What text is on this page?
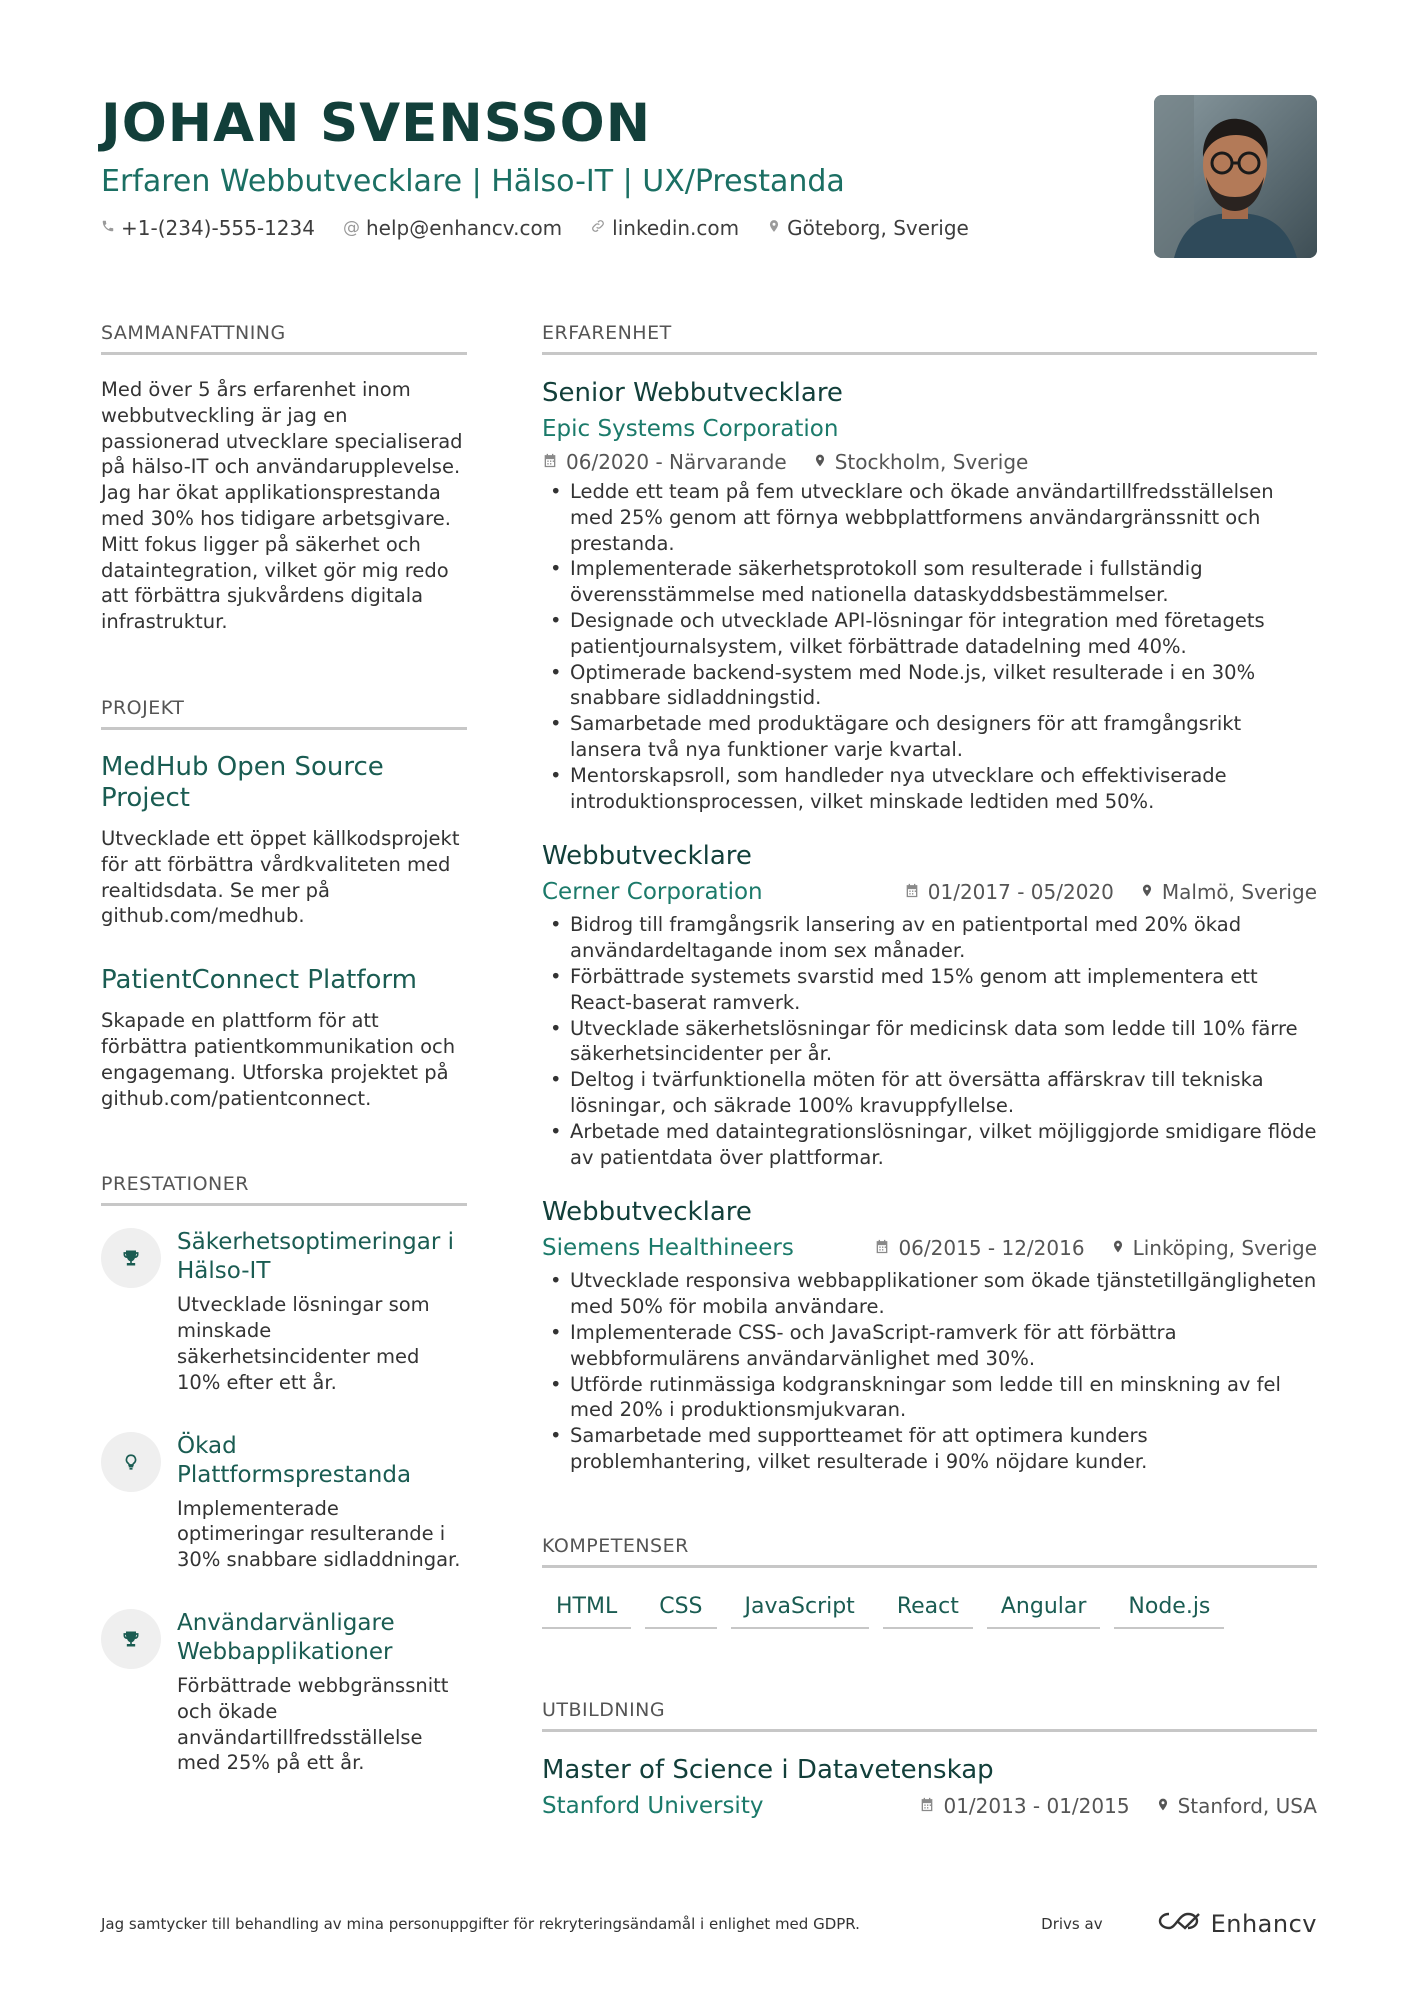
JOHAN SVENSSON
Erfaren Webbutvecklare | Hälso-IT | UX/Prestanda
+1-(234)-555-1234 @ help@enhancv.com	linkedin.com Göteborg, Sverige
SAMMANFATTNING
Med över 5 års erfarenhet inom webbutveckling är jag en passionerad utvecklare specialiserad på hälso-IT och användarupplevelse. Jag har ökat applikationsprestanda med 30% hos tidigare arbetsgivare. Mitt fokus ligger på säkerhet och dataintegration, vilket gör mig redo att förbättra sjukvårdens digitala infrastruktur.
PROJEKT
MedHub Open Source Project
Utvecklade ett öppet källkodsprojekt för att förbättra vårdkvaliteten med realtidsdata. Se mer på github.com/medhub.
PatientConnect Platform
Skapade en plattform för att förbättra patientkommunikation och engagemang. Utforska projektet på github.com/patientconnect.
PRESTATIONER
Säkerhetsoptimeringar i Hälso-IT
Utvecklade lösningar som minskade säkerhetsincidenter med 10% efter ett år.
Ökad Plattformsprestanda
Implementerade optimeringar resulterande i 30% snabbare sidladdningar.
Användarvänligare Webbapplikationer
Förbättrade webbgränssnitt och ökade användartillfredsställelse med 25% på ett år.
ERFARENHET
Senior Webbutvecklare
Epic Systems Corporation
06/2020 - Närvarande Stockholm, Sverige
• Ledde ett team på fem utvecklare och ökade användartillfredsställelsen med 25% genom att förnya webbplattformens användargränssnitt och prestanda.
• Implementerade säkerhetsprotokoll som resulterade i fullständig överensstämmelse med nationella dataskyddsbestämmelser.
• Designade och utvecklade API-lösningar för integration med företagets patientjournalsystem, vilket förbättrade datadelning med 40%.
• Optimerade backend-system med Node.js, vilket resulterade i en 30% snabbare sidladdningstid.
• Samarbetade med produktägare och designers för att framgångsrikt lansera två nya funktioner varje kvartal.
• Mentorskapsroll, som handleder nya utvecklare och effektiviserade introduktionsprocessen, vilket minskade ledtiden med 50%.
Webbutvecklare
Cerner Corporation	01/2017 - 05/2020 Malmö, Sverige
• Bidrog till framgångsrik lansering av en patientportal med 20% ökad användardeltagande inom sex månader.
• Förbättrade systemets svarstid med 15% genom att implementera ett React-baserat ramverk.
• Utvecklade säkerhetslösningar för medicinsk data som ledde till 10% färre säkerhetsincidenter per år.
• Deltog i tvärfunktionella möten för att översätta affärskrav till tekniska lösningar, och säkrade 100% kravuppfyllelse.
• Arbetade med dataintegrationslösningar, vilket möjliggjorde smidigare flöde av patientdata över plattformar.
Webbutvecklare
Siemens Healthineers	06/2015 - 12/2016 Linköping, Sverige
• Utvecklade responsiva webbapplikationer som ökade tjänstetillgängligheten med 50% för mobila användare.
• Implementerade CSS- och JavaScript-ramverk för att förbättra webbformulärens användarvänlighet med 30%.
• Utförde rutinmässiga kodgranskningar som ledde till en minskning av fel med 20% i produktionsmjukvaran.
• Samarbetade med supportteamet för att optimera kunders problemhantering, vilket resulterade i 90% nöjdare kunder.
KOMPETENSER
HTML	CSS	JavaScript	React	Angular	Node.js
UTBILDNING
Master of Science i Datavetenskap
Stanford University	01/2013 - 01/2015 Stanford, USA
Jag samtycker till behandling av mina personuppgifter för rekryteringsändamål i enlighet med GDPR.	Drivs av	Enhancv
